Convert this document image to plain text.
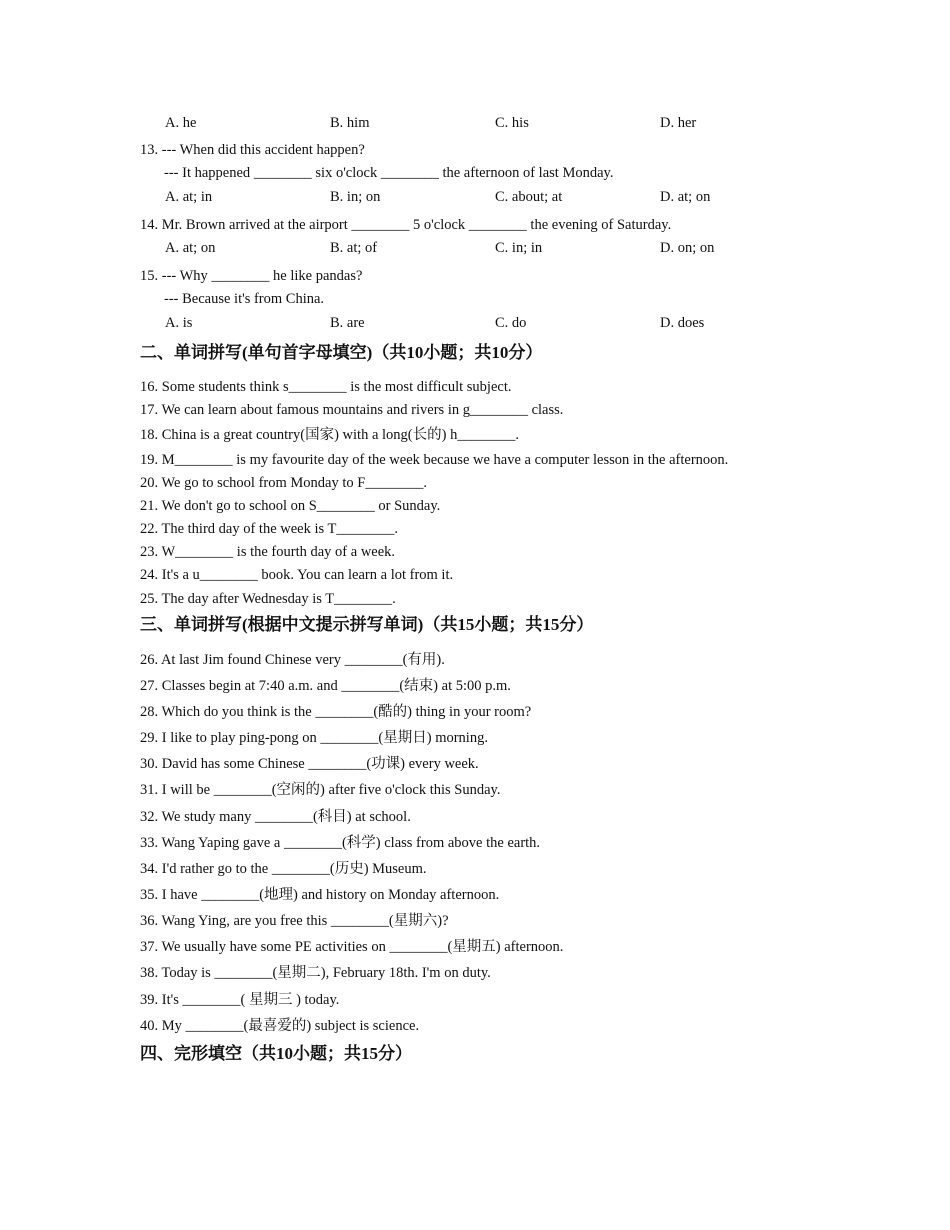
A. he	B. him	C. his	D. her
13. --- When did this accident happen?
--- It happened ________ six o'clock ________ the afternoon of last Monday.
A. at; in	B. in; on	C. about; at	D. at; on
14. Mr. Brown arrived at the airport ________ 5 o'clock ________ the evening of Saturday.
A. at; on	B. at; of	C. in; in	D. on; on
15. --- Why ________ he like pandas?
--- Because it's from China.
A. is	B. are	C. do	D. does
二、单词拼写(单句首字母填空)（共10小题；共10分）
16. Some students think s________ is the most difficult subject.
17. We can learn about famous mountains and rivers in g________ class.
18. China is a great country(国家) with a long(长的) h________.
19. M________ is my favourite day of the week because we have a computer lesson in the afternoon.
20. We go to school from Monday to F________.
21. We don't go to school on S________ or Sunday.
22. The third day of the week is T________.
23. W________ is the fourth day of a week.
24. It's a u________ book. You can learn a lot from it.
25. The day after Wednesday is T________.
三、单词拼写(根据中文提示拼写单词)（共15小题；共15分）
26. At last Jim found Chinese very ________(有用).
27. Classes begin at 7:40 a.m. and ________(结束) at 5:00 p.m.
28. Which do you think is the ________(酷的) thing in your room?
29. I like to play ping-pong on ________(星期日) morning.
30. David has some Chinese ________(功课) every week.
31. I will be ________(空闲的) after five o'clock this Sunday.
32. We study many ________(科目) at school.
33. Wang Yaping gave a ________(科学) class from above the earth.
34. I'd rather go to the ________(历史) Museum.
35. I have ________(地理) and history on Monday afternoon.
36. Wang Ying, are you free this ________(星期六)?
37. We usually have some PE activities on ________(星期五) afternoon.
38. Today is ________(星期二), February 18th. I'm on duty.
39. It's ________( 星期三 ) today.
40. My ________(最喜爱的) subject is science.
四、完形填空（共10小题；共15分）
